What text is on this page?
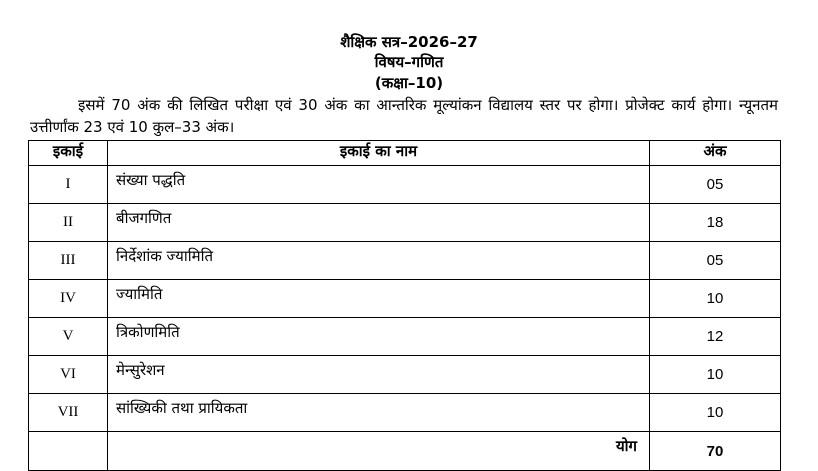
शैक्षिक सत्र–2026–27
विषय–गणित
(कक्षा–10)
इसमें 70 अंक की लिखित परीक्षा एवं 30 अंक का आन्तरिक मूल्यांकन विद्यालय स्तर पर होगा। प्रोजेक्ट कार्य होगा। न्यूनतम उत्तीर्णांक 23 एवं 10 कुल–33 अंक।
इकाई	इकाई का नाम	अंक
I	संख्या पद्धति	05
II	बीजगणित	18
III	निर्देशांक ज्यामिति	05
IV	ज्यामिति	10
V	त्रिकोणमिति	12
VI	मेन्सुरेशन	10
VII	सांख्यिकी तथा प्रायिकता	10
	योग	70
